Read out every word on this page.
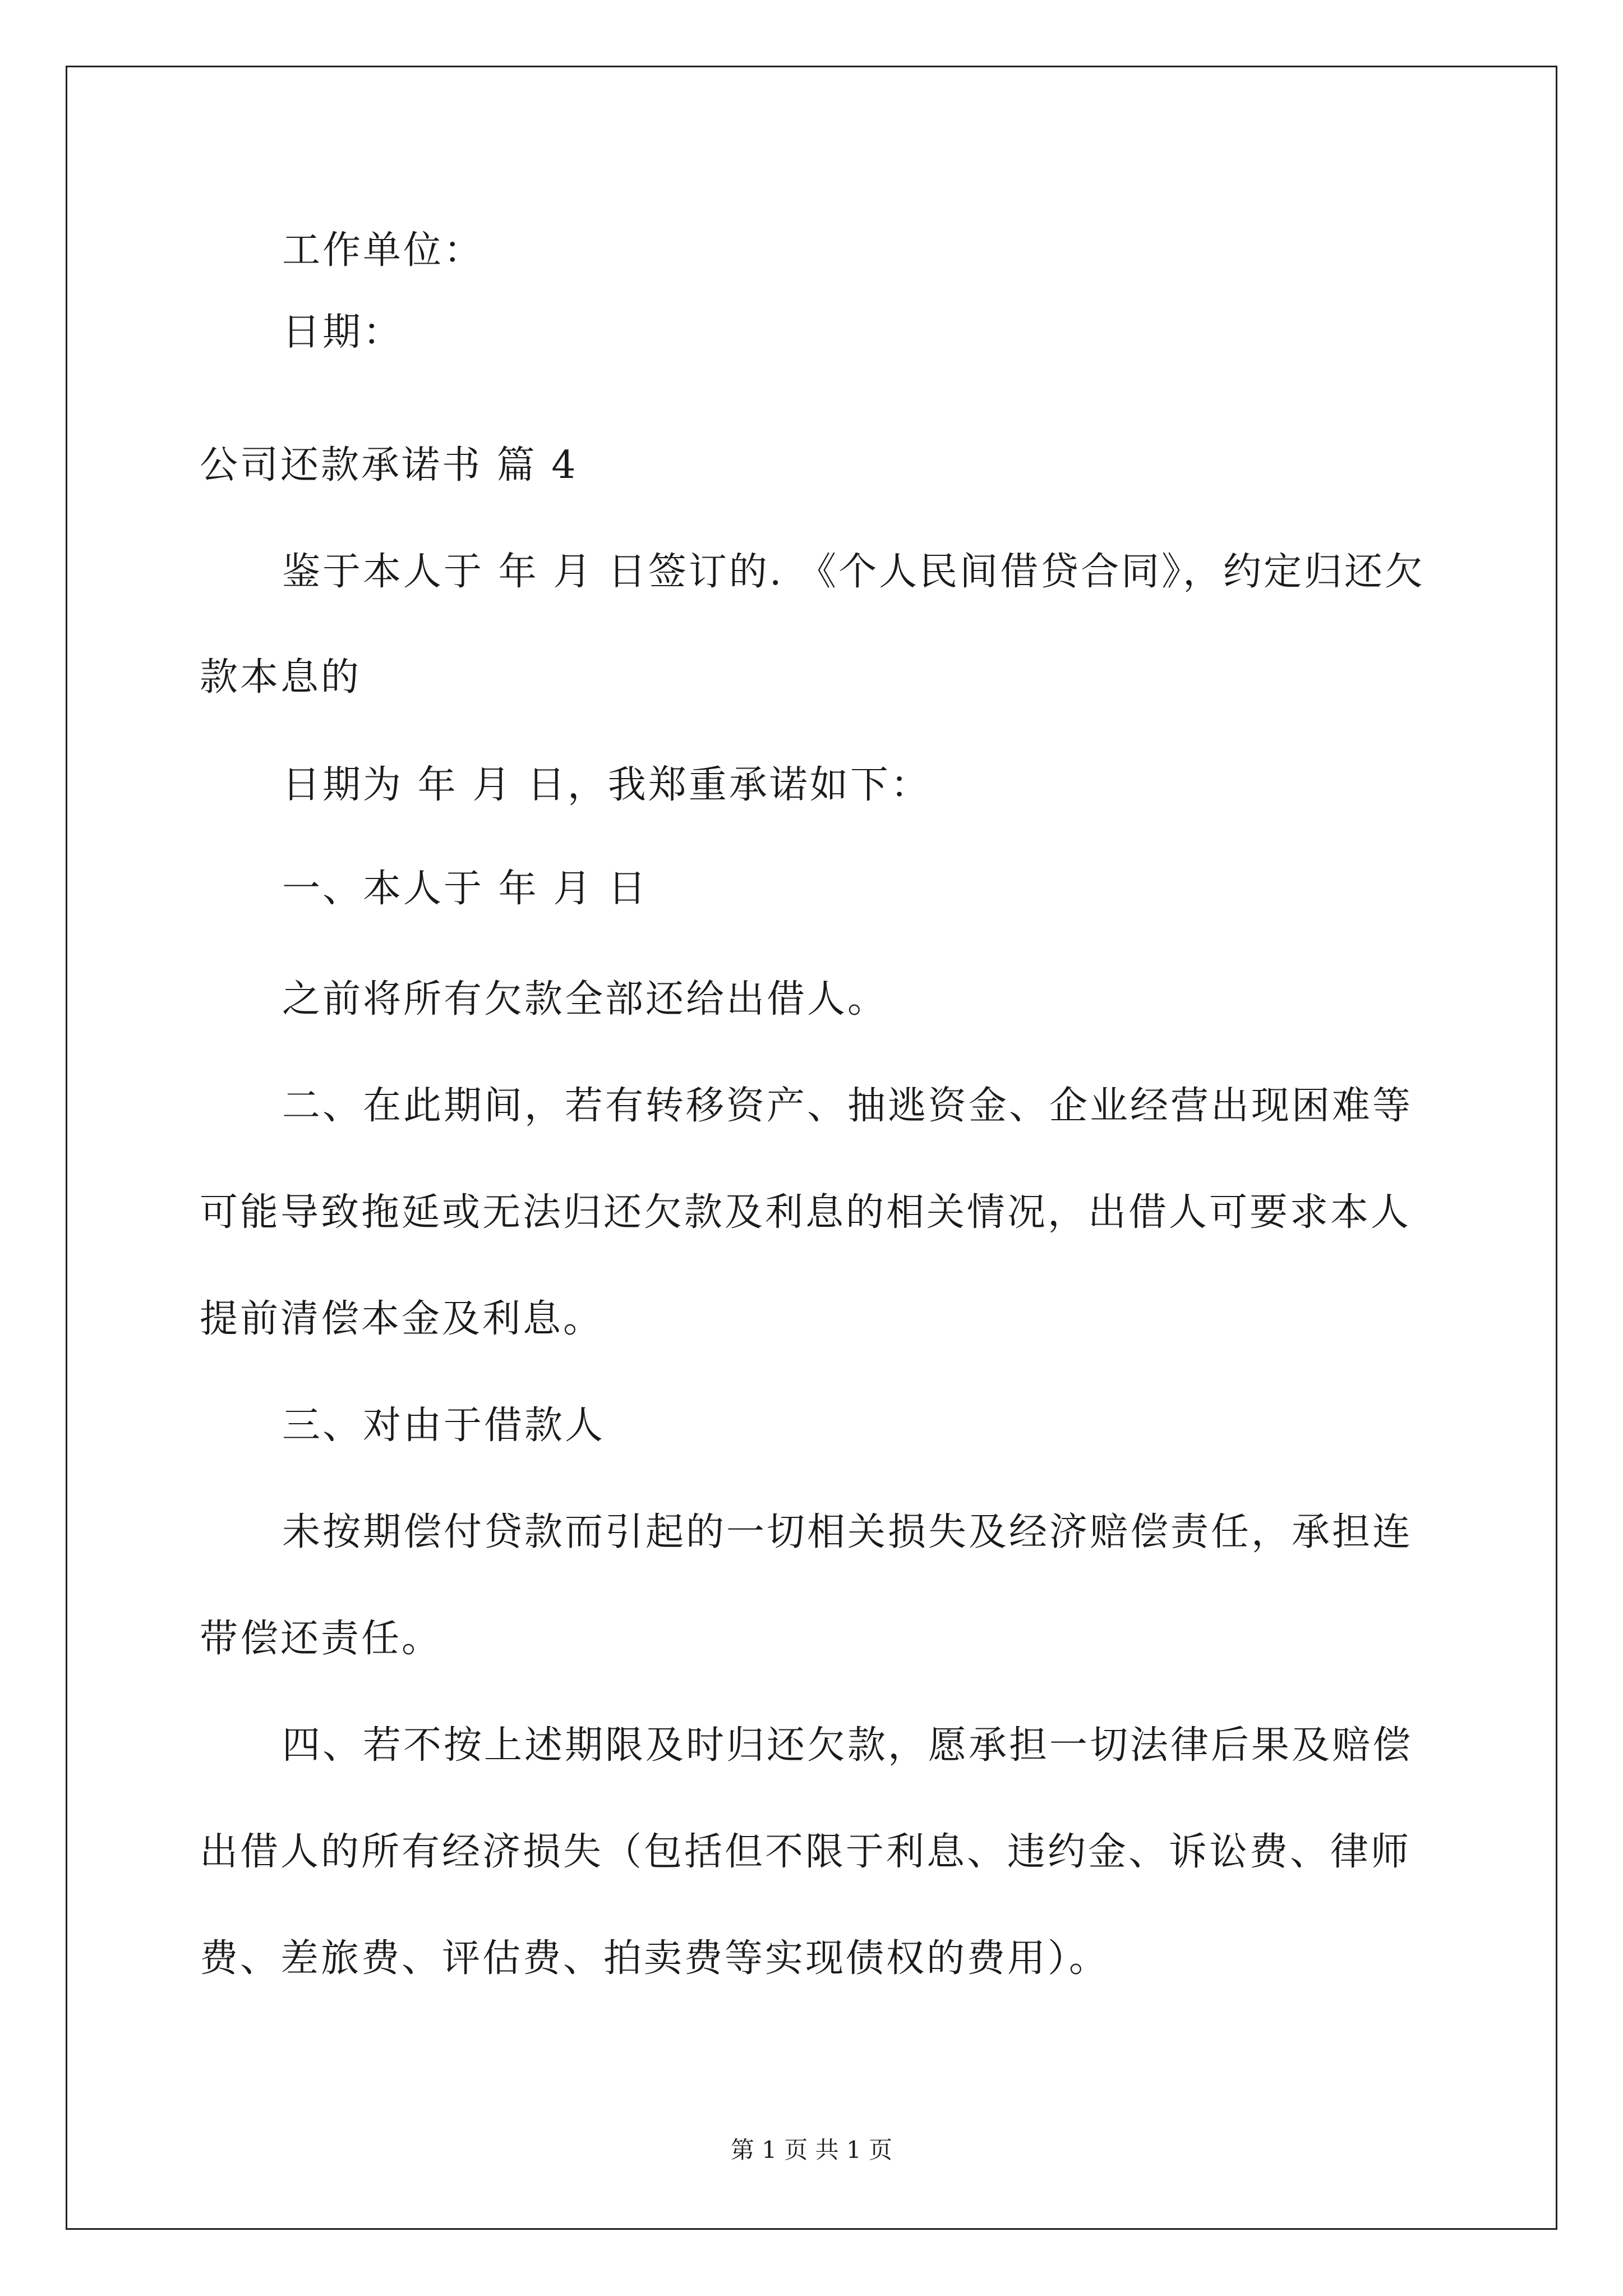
工作单位：
日期：
公司还款承诺书 篇 4
鉴于本人于 年 月 日签订的. 《个人民间借贷合同》，约定归还欠
款本息的
日期为 年 月 日，我郑重承诺如下：
一、本人于 年 月 日
之前将所有欠款全部还给出借人。
二、在此期间，若有转移资产、抽逃资金、企业经营出现困难等
可能导致拖延或无法归还欠款及利息的相关情况，出借人可要求本人
提前清偿本金及利息。
三、对由于借款人
未按期偿付贷款而引起的一切相关损失及经济赔偿责任，承担连
带偿还责任。
四、若不按上述期限及时归还欠款，愿承担一切法律后果及赔偿
出借人的所有经济损失（包括但不限于利息、违约金、诉讼费、律师
费、差旅费、评估费、拍卖费等实现债权的费用）。
第 1 页 共 1 页
